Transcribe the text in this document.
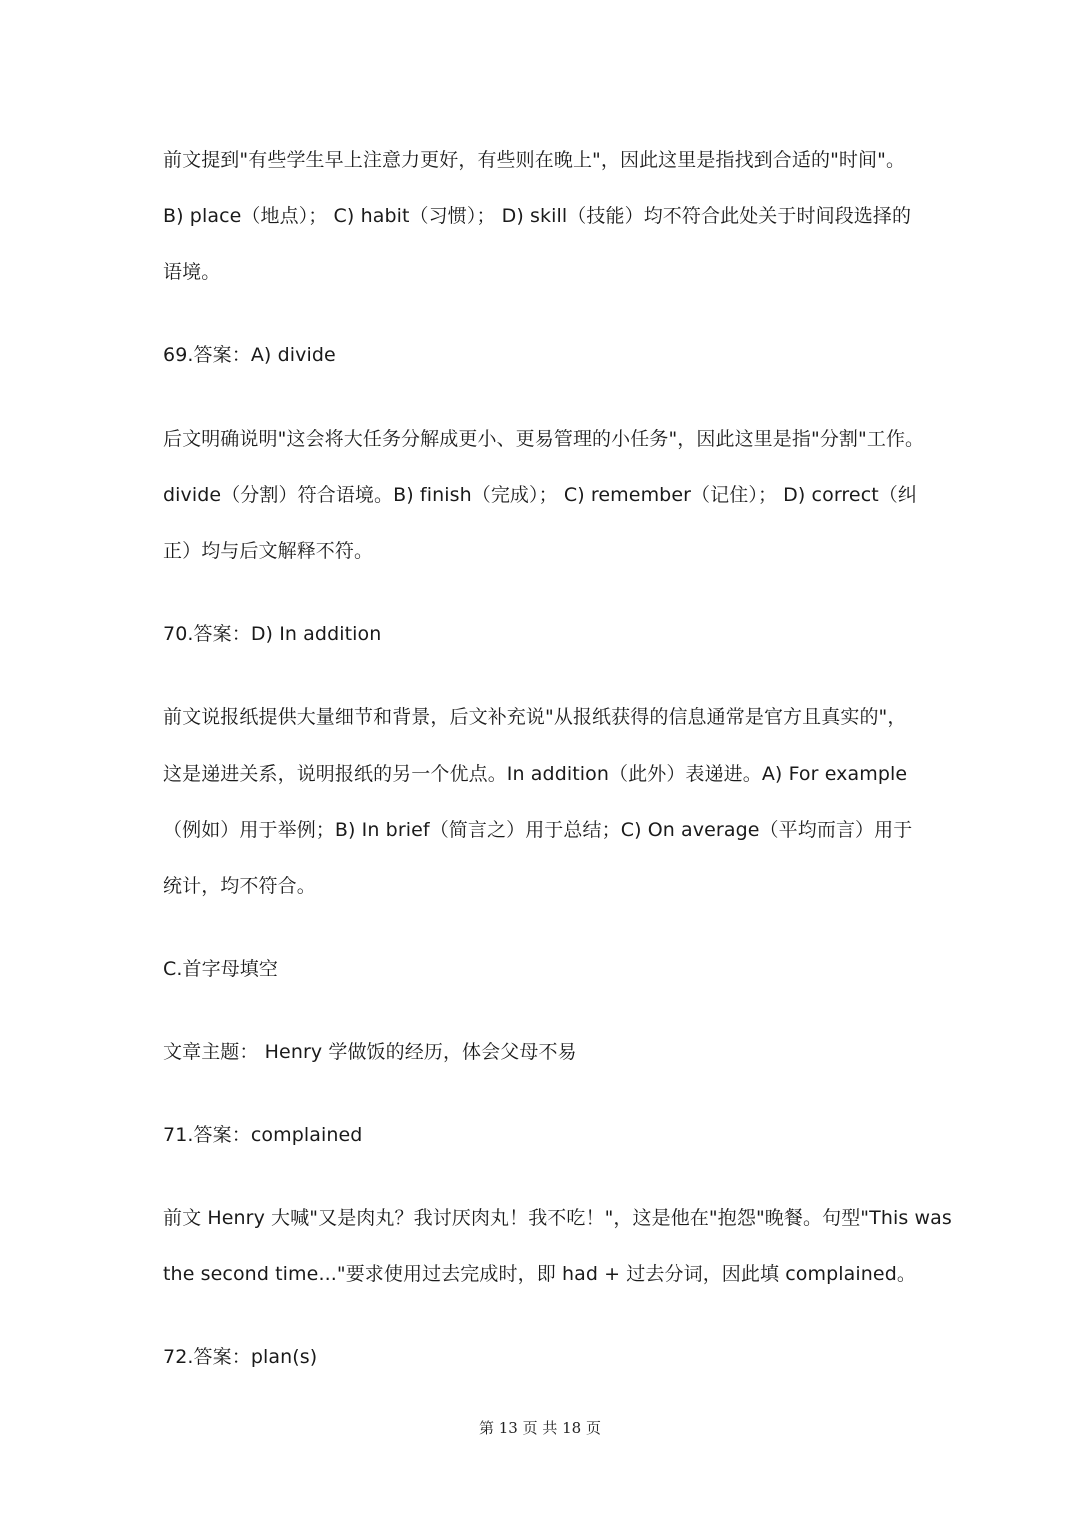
前文提到"有些学生早上注意力更好，有些则在晚上"，因此这里是指找到合适的"时间"。
B) place（地点）； C) habit（习惯）； D) skill（技能）均不符合此处关于时间段选择的
语境。
69.答案：A) divide
后文明确说明"这会将大任务分解成更小、更易管理的小任务"，因此这里是指"分割"工作。
divide（分割）符合语境。B) finish（完成）； C) remember（记住）； D) correct（纠
正）均与后文解释不符。
70.答案：D) In addition
前文说报纸提供大量细节和背景，后文补充说"从报纸获得的信息通常是官方且真实的"，
这是递进关系，说明报纸的另一个优点。In addition（此外）表递进。A) For example
（例如）用于举例；B) In brief（简言之）用于总结；C) On average（平均而言）用于
统计，均不符合。
C.首字母填空
文章主题： Henry 学做饭的经历，体会父母不易
71.答案：complained
前文 Henry 大喊"又是肉丸？我讨厌肉丸！我不吃！"，这是他在"抱怨"晚餐。句型"This was
the second time..."要求使用过去完成时，即 had + 过去分词，因此填 complained。
72.答案：plan(s)
第 13 页 共 18 页
